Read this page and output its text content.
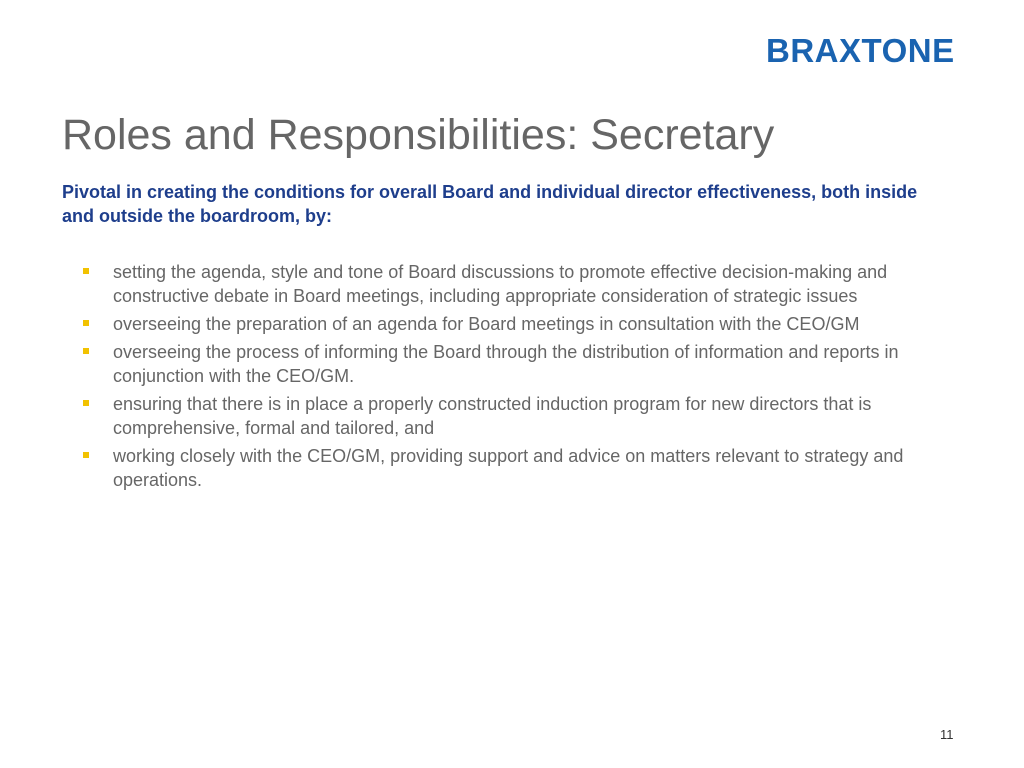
BRAXTONE
Roles and Responsibilities: Secretary

Pivotal in creating the conditions for overall Board and individual director effectiveness, both inside and outside the boardroom, by:

setting the agenda, style and tone of Board discussions to promote effective decision-making and constructive debate in Board meetings, including appropriate consideration of strategic issues
overseeing the preparation of an agenda for Board meetings in consultation with the CEO/GM
overseeing the process of informing the Board through the distribution of information and reports in conjunction with the CEO/GM.
ensuring that there is in place a properly constructed induction program for new directors that is comprehensive, formal and tailored, and
working closely with the CEO/GM, providing support and advice on matters relevant to strategy and operations.

11
